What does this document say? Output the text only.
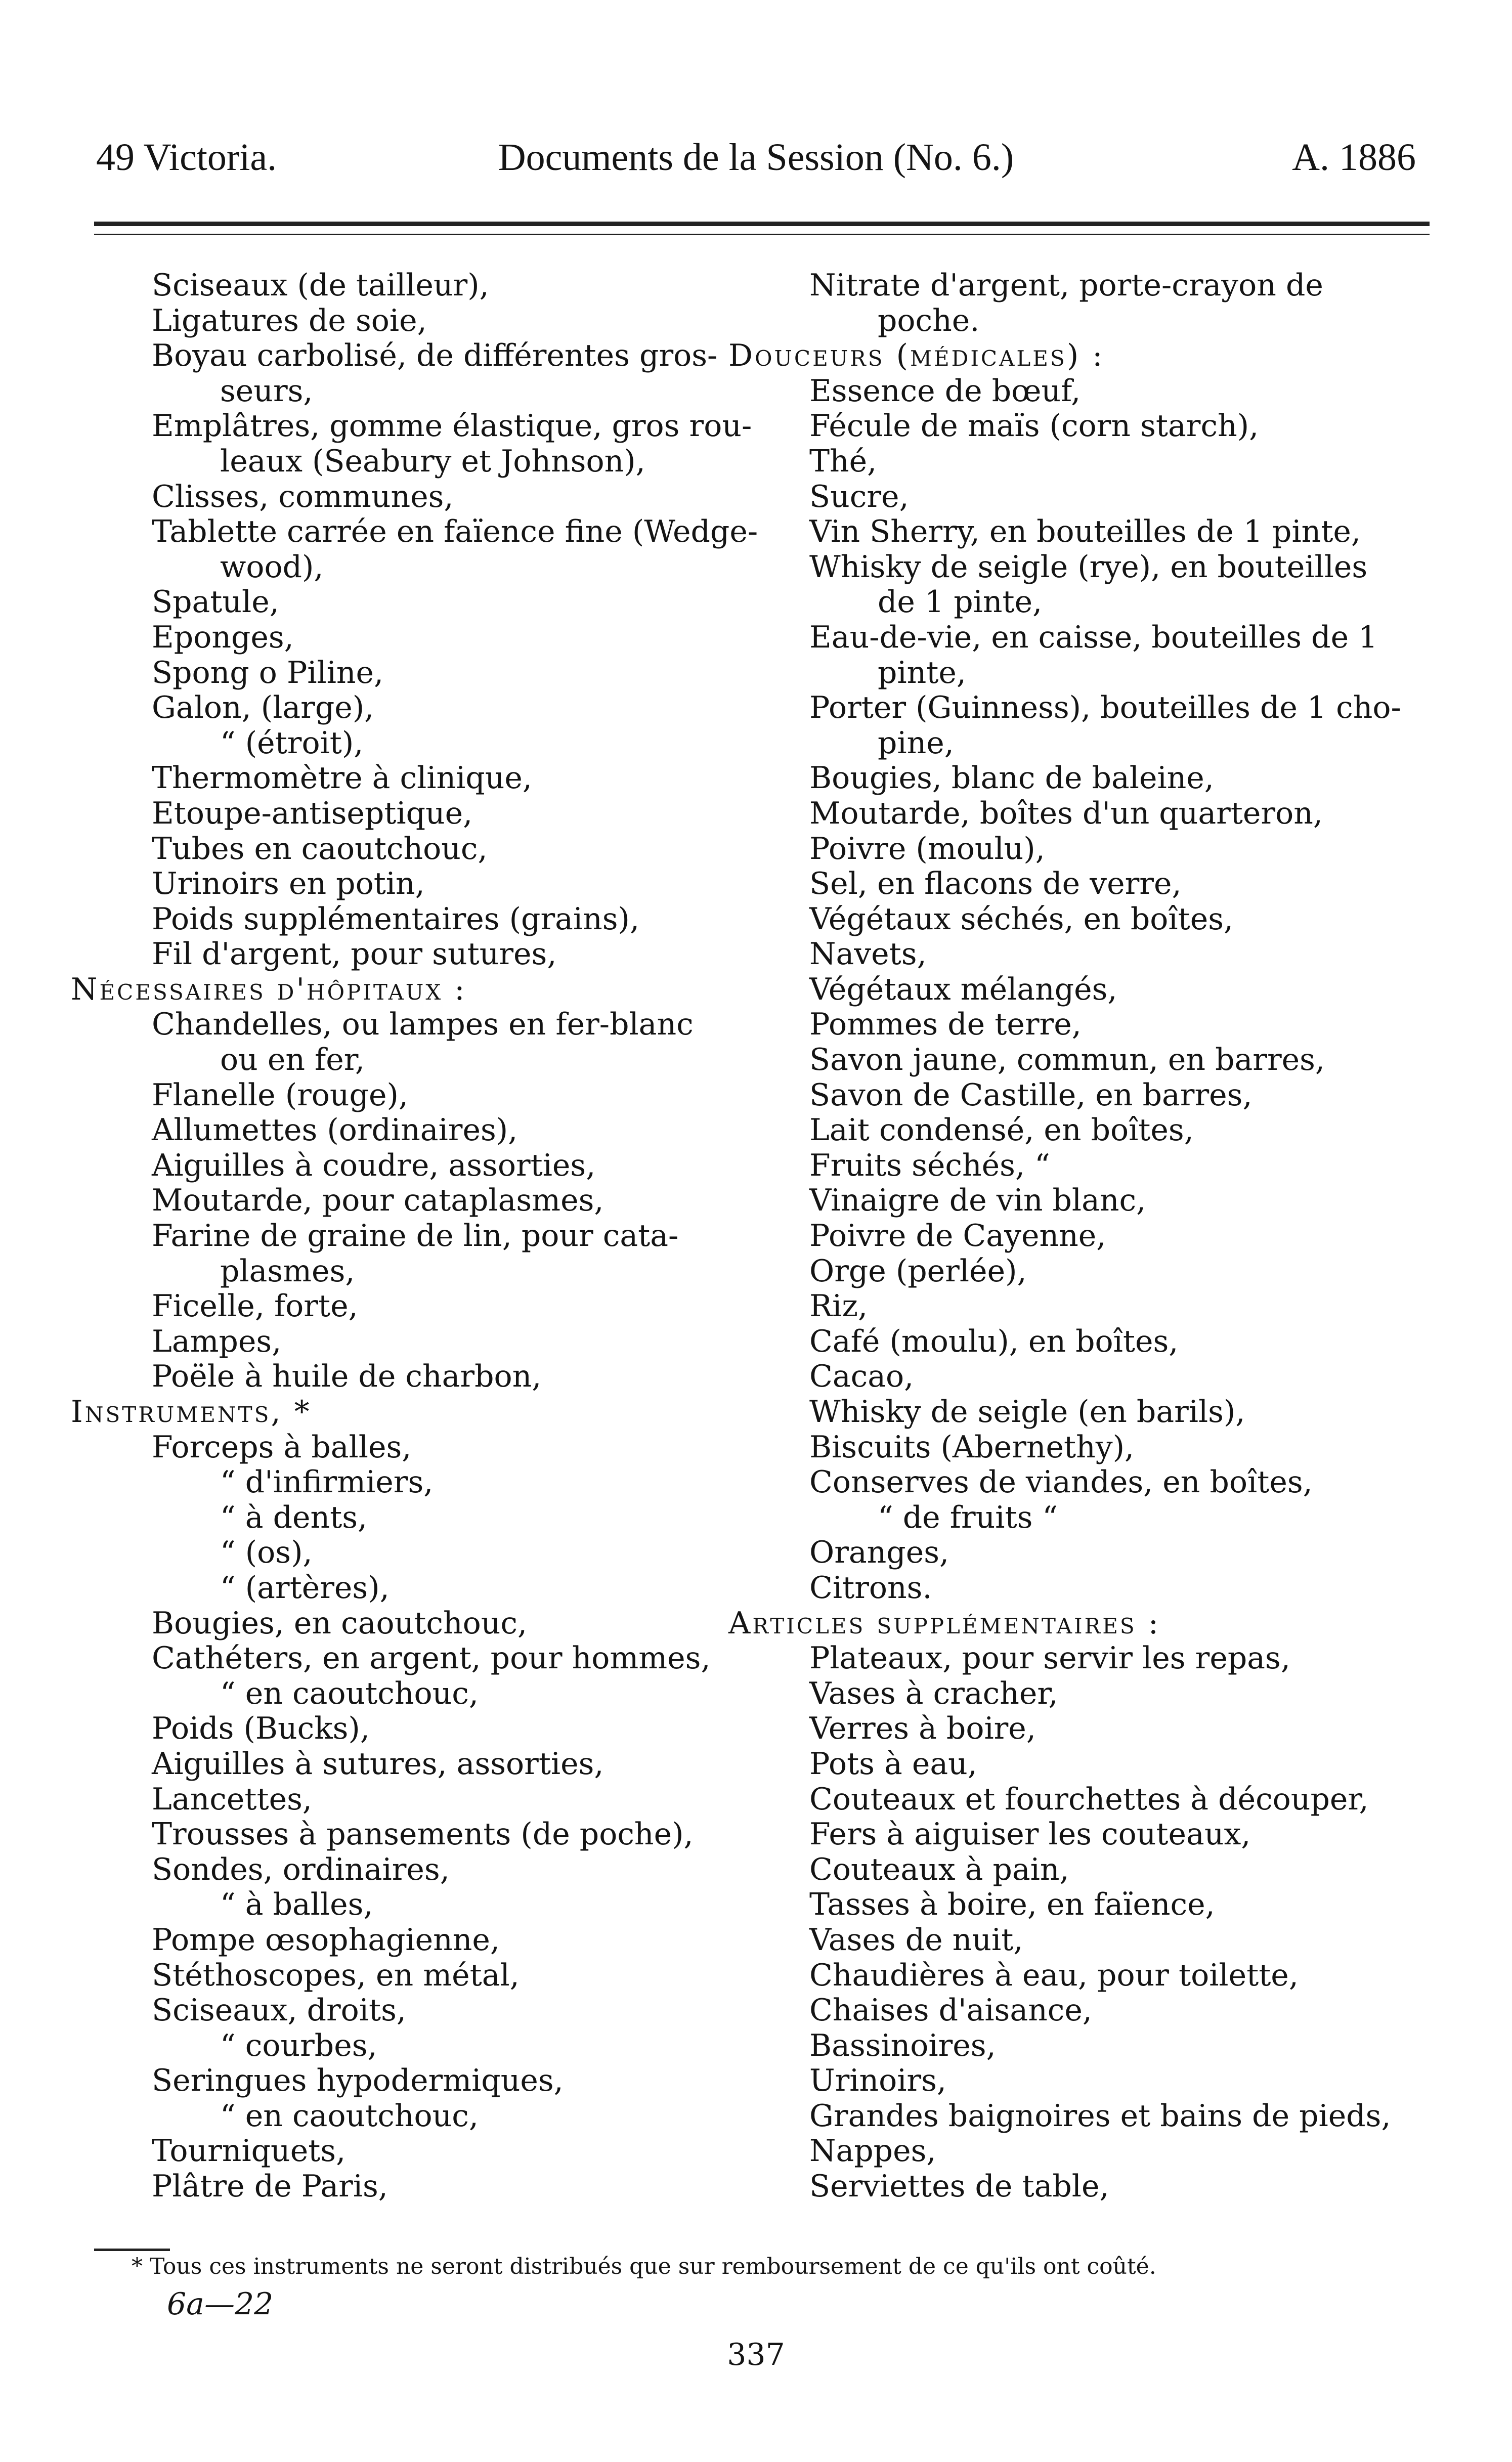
49 Victoria.	Documents de la Session (No. 6.)	A. 1886
Sciseaux (de tailleur),
Ligatures de soie,
Boyau carbolisé, de différentes gros-
seurs,
Emplâtres, gomme élastique, gros rou-
leaux (Seabury et Johnson),
Clisses, communes,
Tablette carrée en faïence fine (Wedge-
wood),
Spatule,
Eponges,
Spong o Piline,
Galon, (large),
“ (étroit),
Thermomètre à clinique,
Etoupe-antiseptique,
Tubes en caoutchouc,
Urinoirs en potin,
Poids supplémentaires (grains),
Fil d'argent, pour sutures,
Nécessaires d'hôpitaux :
Chandelles, ou lampes en fer-blanc
ou en fer,
Flanelle (rouge),
Allumettes (ordinaires),
Aiguilles à coudre, assorties,
Moutarde, pour cataplasmes,
Farine de graine de lin, pour cata-
plasmes,
Ficelle, forte,
Lampes,
Poële à huile de charbon,
Instruments, *
Forceps à balles,
“ d'infirmiers,
“ à dents,
“ (os),
“ (artères),
Bougies, en caoutchouc,
Cathéters, en argent, pour hommes,
“ en caoutchouc,
Poids (Bucks),
Aiguilles à sutures, assorties,
Lancettes,
Trousses à pansements (de poche),
Sondes, ordinaires,
“ à balles,
Pompe œsophagienne,
Stéthoscopes, en métal,
Sciseaux, droits,
“ courbes,
Seringues hypodermiques,
“ en caoutchouc,
Tourniquets,
Plâtre de Paris,
Nitrate d'argent, porte-crayon de
poche.
Douceurs (médicales) :
Essence de bœuf,
Fécule de maïs (corn starch),
Thé,
Sucre,
Vin Sherry, en bouteilles de 1 pinte,
Whisky de seigle (rye), en bouteilles
de 1 pinte,
Eau-de-vie, en caisse, bouteilles de 1
pinte,
Porter (Guinness), bouteilles de 1 cho-
pine,
Bougies, blanc de baleine,
Moutarde, boîtes d'un quarteron,
Poivre (moulu),
Sel, en flacons de verre,
Végétaux séchés, en boîtes,
Navets,
Végétaux mélangés,
Pommes de terre,
Savon jaune, commun, en barres,
Savon de Castille, en barres,
Lait condensé, en boîtes,
Fruits séchés, “
Vinaigre de vin blanc,
Poivre de Cayenne,
Orge (perlée),
Riz,
Café (moulu), en boîtes,
Cacao,
Whisky de seigle (en barils),
Biscuits (Abernethy),
Conserves de viandes, en boîtes,
“ de fruits “
Oranges,
Citrons.
Articles supplémentaires :
Plateaux, pour servir les repas,
Vases à cracher,
Verres à boire,
Pots à eau,
Couteaux et fourchettes à découper,
Fers à aiguiser les couteaux,
Couteaux à pain,
Tasses à boire, en faïence,
Vases de nuit,
Chaudières à eau, pour toilette,
Chaises d'aisance,
Bassinoires,
Urinoirs,
Grandes baignoires et bains de pieds,
Nappes,
Serviettes de table,
* Tous ces instruments ne seront distribués que sur remboursement de ce qu'ils ont coûté.
6a—22
337
